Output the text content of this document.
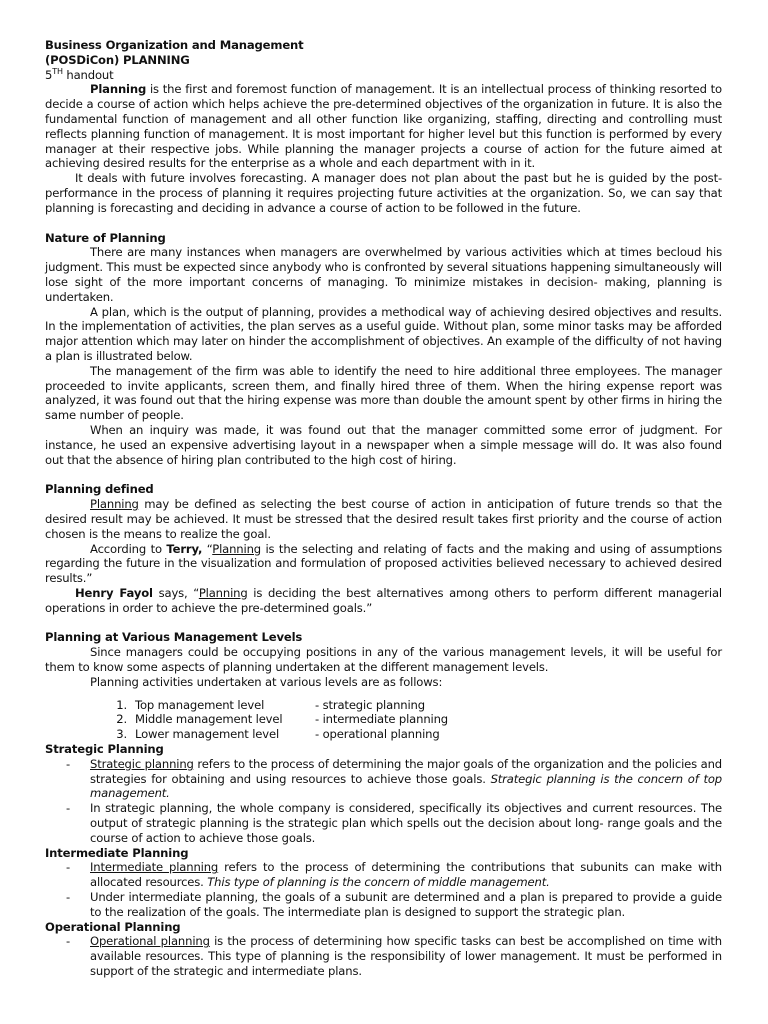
Business Organization and Management

(POSDiCon) PLANNING

5TH handout

Planning is the first and foremost function of management. It is an intellectual process of thinking resorted to decide a course of action which helps achieve the pre-determined objectives of the organization in future. It is also the fundamental function of management and all other function like organizing, staffing, directing and controlling must reflects planning function of management. It is most important for higher level but this function is performed by every manager at their respective jobs. While planning the manager projects a course of action for the future aimed at achieving desired results for the enterprise as a whole and each department with in it.

It deals with future involves forecasting. A manager does not plan about the past but he is guided by the post-performance in the process of planning it requires projecting future activities at the organization. So, we can say that planning is forecasting and deciding in advance a course of action to be followed in the future.

Nature of Planning

There are many instances when managers are overwhelmed by various activities which at times becloud his judgment. This must be expected since anybody who is confronted by several situations happening simultaneously will lose sight of the more important concerns of managing. To minimize mistakes in decision- making, planning is undertaken.

A plan, which is the output of planning, provides a methodical way of achieving desired objectives and results. In the implementation of activities, the plan serves as a useful guide. Without plan, some minor tasks may be afforded major attention which may later on hinder the accomplishment of objectives. An example of the difficulty of not having a plan is illustrated below.

The management of the firm was able to identify the need to hire additional three employees. The manager proceeded to invite applicants, screen them, and finally hired three of them. When the hiring expense report was analyzed, it was found out that the hiring expense was more than double the amount spent by other firms in hiring the same number of people.

When an inquiry was made, it was found out that the manager committed some error of judgment. For instance, he used an expensive advertising layout in a newspaper when a simple message will do. It was also found out that the absence of hiring plan contributed to the high cost of hiring.

Planning defined

Planning may be defined as selecting the best course of action in anticipation of future trends so that the desired result may be achieved. It must be stressed that the desired result takes first priority and the course of action chosen is the means to realize the goal.

According to Terry, “Planning is the selecting and relating of facts and the making and using of assumptions regarding the future in the visualization and formulation of proposed activities believed necessary to achieved desired results.”

Henry Fayol says, “Planning is deciding the best alternatives among others to perform different managerial operations in order to achieve the pre-determined goals.”

Planning at Various Management Levels

Since managers could be occupying positions in any of the various management levels, it will be useful for them to know some aspects of planning undertaken at the different management levels.

Planning activities undertaken at various levels are as follows:

1. Top management level	- strategic planning
2. Middle management level	- intermediate planning
3. Lower management level	- operational planning

Strategic Planning

-	Strategic planning refers to the process of determining the major goals of the organization and the policies and strategies for obtaining and using resources to achieve those goals. Strategic planning is the concern of top management.
-	In strategic planning, the whole company is considered, specifically its objectives and current resources. The output of strategic planning is the strategic plan which spells out the decision about long- range goals and the course of action to achieve those goals.

Intermediate Planning

-	Intermediate planning refers to the process of determining the contributions that subunits can make with allocated resources. This type of planning is the concern of middle management.
-	Under intermediate planning, the goals of a subunit are determined and a plan is prepared to provide a guide to the realization of the goals. The intermediate plan is designed to support the strategic plan.

Operational Planning

-	Operational planning is the process of determining how specific tasks can best be accomplished on time with available resources. This type of planning is the responsibility of lower management. It must be performed in support of the strategic and intermediate plans.
